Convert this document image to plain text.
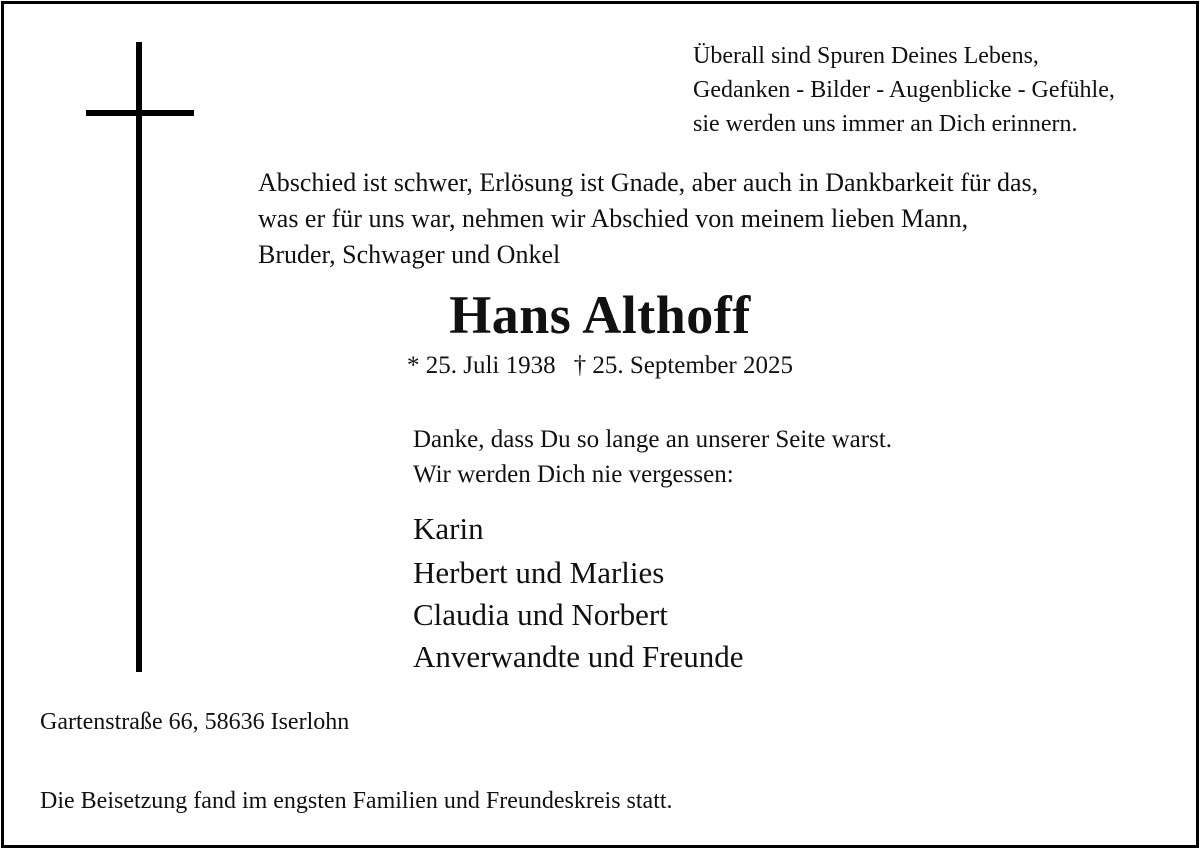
Überall sind Spuren Deines Lebens,

Gedanken - Bilder - Augenblicke - Gefühle,

sie werden uns immer an Dich erinnern.

Abschied ist schwer, Erlösung ist Gnade, aber auch in Dankbarkeit für das,

was er für uns war, nehmen wir Abschied von meinem lieben Mann,

Bruder, Schwager und Onkel

Hans Althoff

* 25. Juli 1938 † 25. September 2025

Danke, dass Du so lange an unserer Seite warst.

Wir werden Dich nie vergessen:

Karin

Herbert und Marlies

Claudia und Norbert

Anverwandte und Freunde

Gartenstraße 66, 58636 Iserlohn

Die Beisetzung fand im engsten Familien und Freundeskreis statt.
